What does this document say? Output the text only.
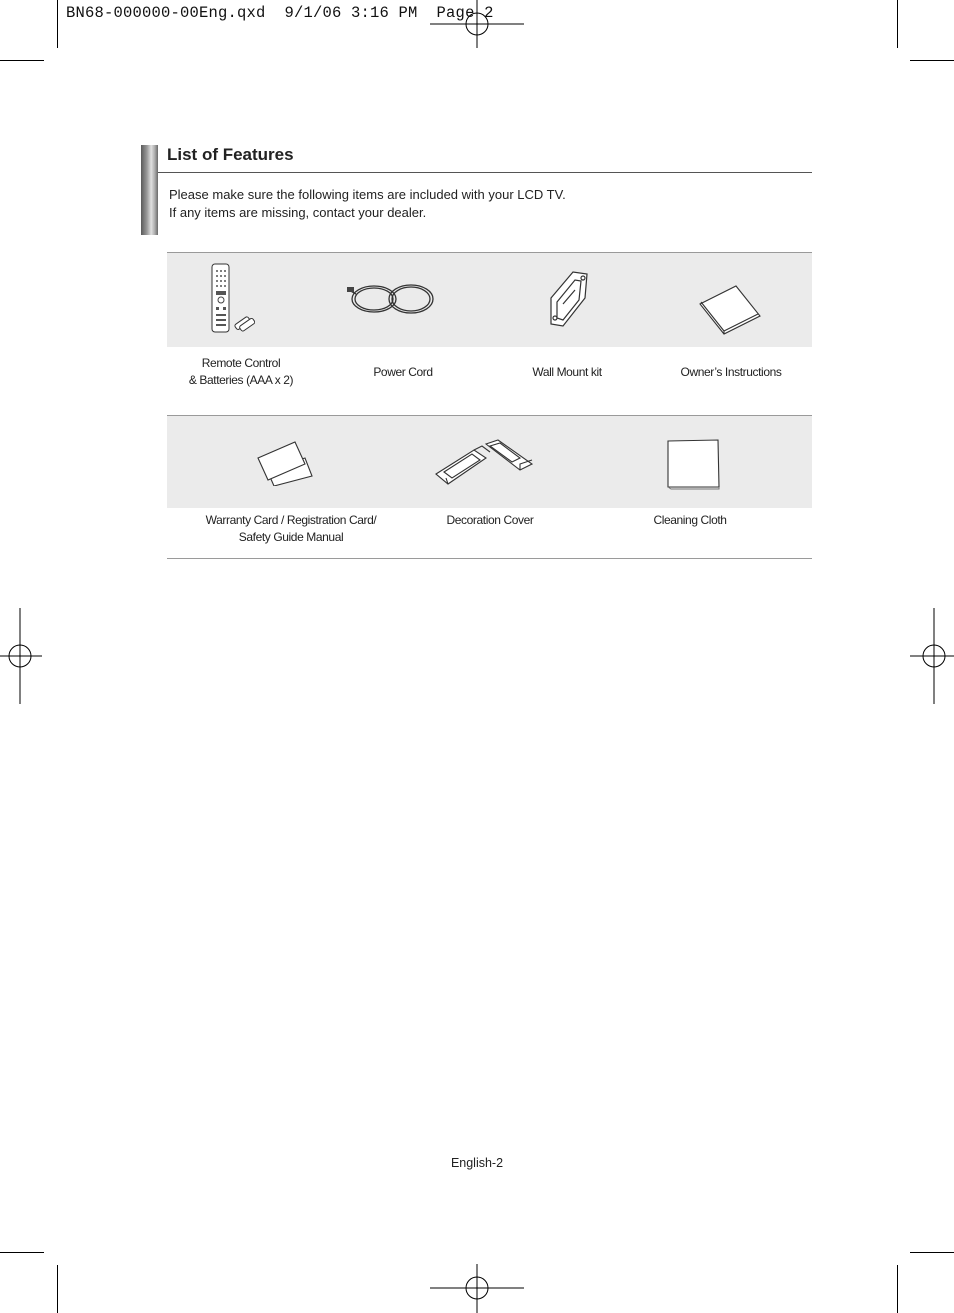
BN68-000000-00Eng.qxd  9/1/06 3:16 PM  Page 2
List of Features
Please make sure the following items are included with your LCD TV.
If any items are missing, contact your dealer.
Remote Control
& Batteries (AAA x 2)
Power Cord	Wall Mount kit	Owner’s Instructions
Warranty Card / Registration Card/
Safety Guide Manual
Decoration Cover	Cleaning Cloth
English-2
